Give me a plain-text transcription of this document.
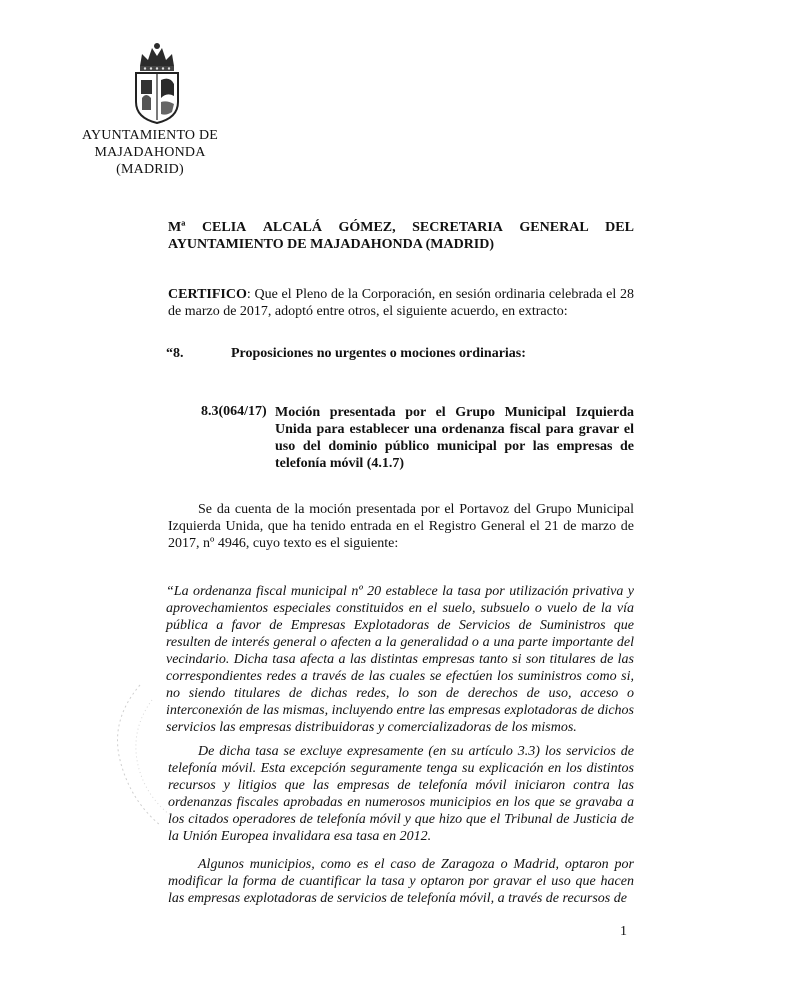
AYUNTAMIENTO DE
MAJADAHONDA
(MADRID)
Mª CELIA ALCALÁ GÓMEZ, SECRETARIA GENERAL DEL
AYUNTAMIENTO DE MAJADAHONDA (MADRID)
CERTIFICO: Que el Pleno de la Corporación, en sesión ordinaria celebrada el 28 de marzo de 2017, adoptó entre otros, el siguiente acuerdo, en extracto:
“8.	Proposiciones no urgentes o mociones ordinarias:
8.3(064/17) Moción presentada por el Grupo Municipal Izquierda Unida para establecer una ordenanza fiscal para gravar el uso del dominio público municipal por las empresas de telefonía móvil (4.1.7)
Se da cuenta de la moción presentada por el Portavoz del Grupo Municipal Izquierda Unida, que ha tenido entrada en el Registro General el 21 de marzo de 2017, nº 4946, cuyo texto es el siguiente:
“La ordenanza fiscal municipal nº 20 establece la tasa por utilización privativa y aprovechamientos especiales constituidos en el suelo, subsuelo o vuelo de la vía pública a favor de Empresas Explotadoras de Servicios de Suministros que resulten de interés general o afecten a la generalidad o a una parte importante del vecindario. Dicha tasa afecta a las distintas empresas tanto si son titulares de las correspondientes redes a través de las cuales se efectúen los suministros como si, no siendo titulares de dichas redes, lo son de derechos de uso, acceso o interconexión de las mismas, incluyendo entre las empresas explotadoras de dichos servicios las empresas distribuidoras y comercializadoras de los mismos.
De dicha tasa se excluye expresamente (en su artículo 3.3) los servicios de telefonía móvil. Esta excepción seguramente tenga su explicación en los distintos recursos y litigios que las empresas de telefonía móvil iniciaron contra las ordenanzas fiscales aprobadas en numerosos municipios en los que se gravaba a los citados operadores de telefonía móvil y que hizo que el Tribunal de Justicia de la Unión Europea invalidara esa tasa en 2012.
Algunos municipios, como es el caso de Zaragoza o Madrid, optaron por modificar la forma de cuantificar la tasa y optaron por gravar el uso que hacen las empresas explotadoras de servicios de telefonía móvil, a través de recursos de
1
